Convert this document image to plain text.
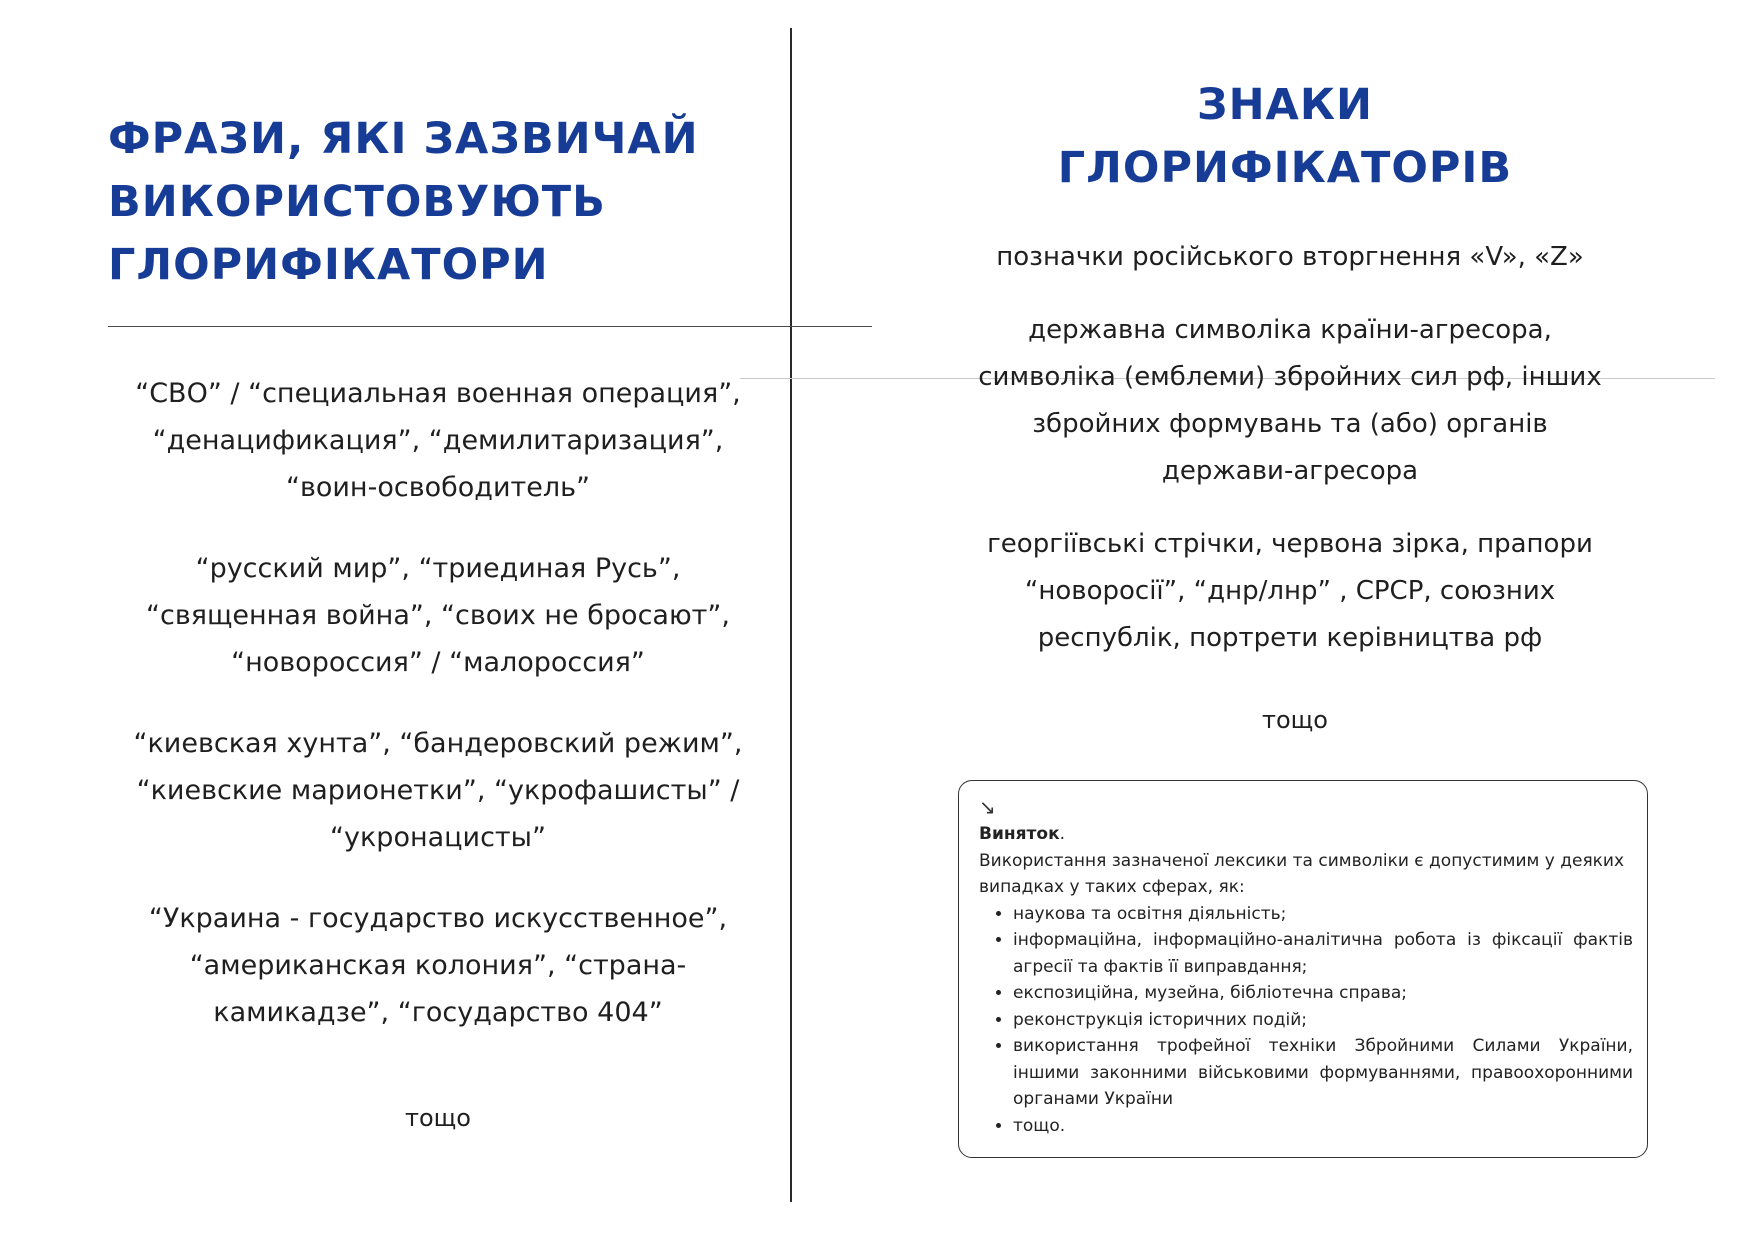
ФРАЗИ, ЯКІ ЗАЗВИЧАЙ
ВИКОРИСТОВУЮТЬ
ГЛОРИФІКАТОРИ

“СВО” / “специальная военная операция”,
“денацификация”, “демилитаризация”,
“воин-освободитель”

“русский мир”, “триединая Русь”,
“священная война”, “своих не бросают”,
“новороссия” / “малороссия”

“киевская хунта”, “бандеровский режим”,
“киевские марионетки”, “укрофашисты” /
“укронацисты”

“Украина - государство искусственное”,
“американская колония”, “страна-
камикадзе”, “государство 404”

тощо
ЗНАКИ
ГЛОРИФІКАТОРІВ

позначки російського вторгнення «V», «Z»

державна символіка країни-агресора,
символіка (емблеми) збройних сил рф, інших
збройних формувань та (або) органів
держави-агресора

георгіївські стрічки, червона зірка, прапори
“новоросії”, “днр/лнр” , СРСР, союзних
республік, портрети керівництва рф

тощо
↘
Виняток.

Використання зазначеної лексики та символіки є допустимим у деяких випадках у таких сферах, як:

• наукова та освітня діяльність;
• інформаційна, інформаційно-аналітична робота із фіксації фактів агресії та фактів її виправдання;
• експозиційна, музейна, бібліотечна справа;
• реконструкція історичних подій;
• використання трофейної техніки Збройними Силами України, іншими законними військовими формуваннями, правоохоронними органами України
• тощо.
